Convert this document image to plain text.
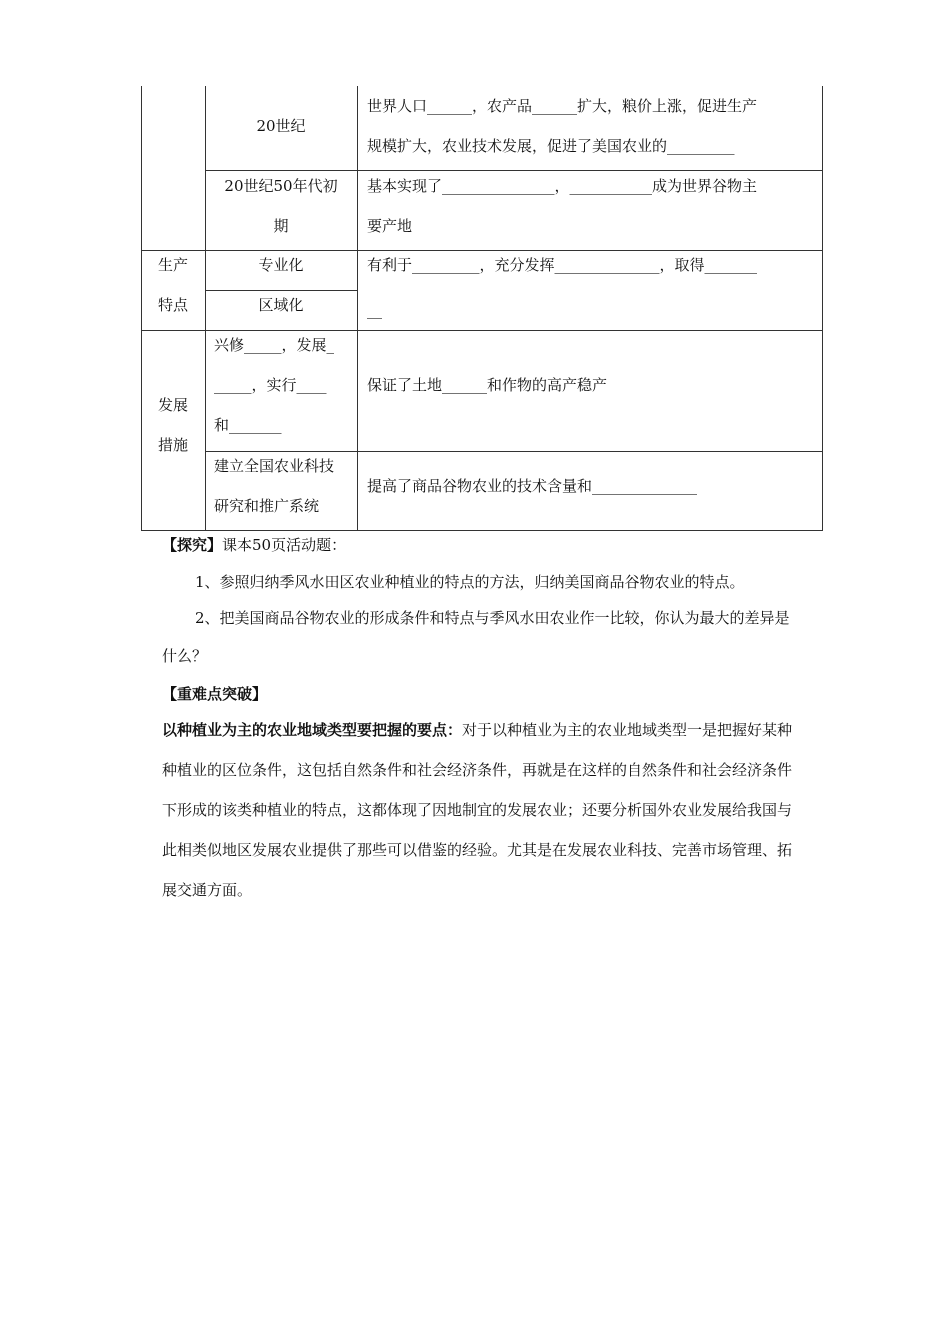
20世纪
世界人口______，农产品______扩大，粮价上涨，促进生产
规模扩大，农业技术发展，促进了美国农业的_________
20世纪50年代初
期
基本实现了_______________，___________成为世界谷物主
要产地
生产
特点
专业化
区域化
有利于_________，充分发挥______________，取得_______
__
发展
措施
兴修_____，发展_
_____，实行____
和_______
保证了土地______和作物的高产稳产
建立全国农业科技
研究和推广系统
提高了商品谷物农业的技术含量和______________
【探究】课本50页活动题：
1、参照归纳季风水田区农业种植业的特点的方法，归纳美国商品谷物农业的特点。
2、把美国商品谷物农业的形成条件和特点与季风水田农业作一比较，你认为最大的差异是
什么？
【重难点突破】
以种植业为主的农业地域类型要把握的要点：对于以种植业为主的农业地域类型一是把握好某种
种植业的区位条件，这包括自然条件和社会经济条件，再就是在这样的自然条件和社会经济条件
下形成的该类种植业的特点，这都体现了因地制宜的发展农业；还要分析国外农业发展给我国与
此相类似地区发展农业提供了那些可以借鉴的经验。尤其是在发展农业科技、完善市场管理、拓
展交通方面。
